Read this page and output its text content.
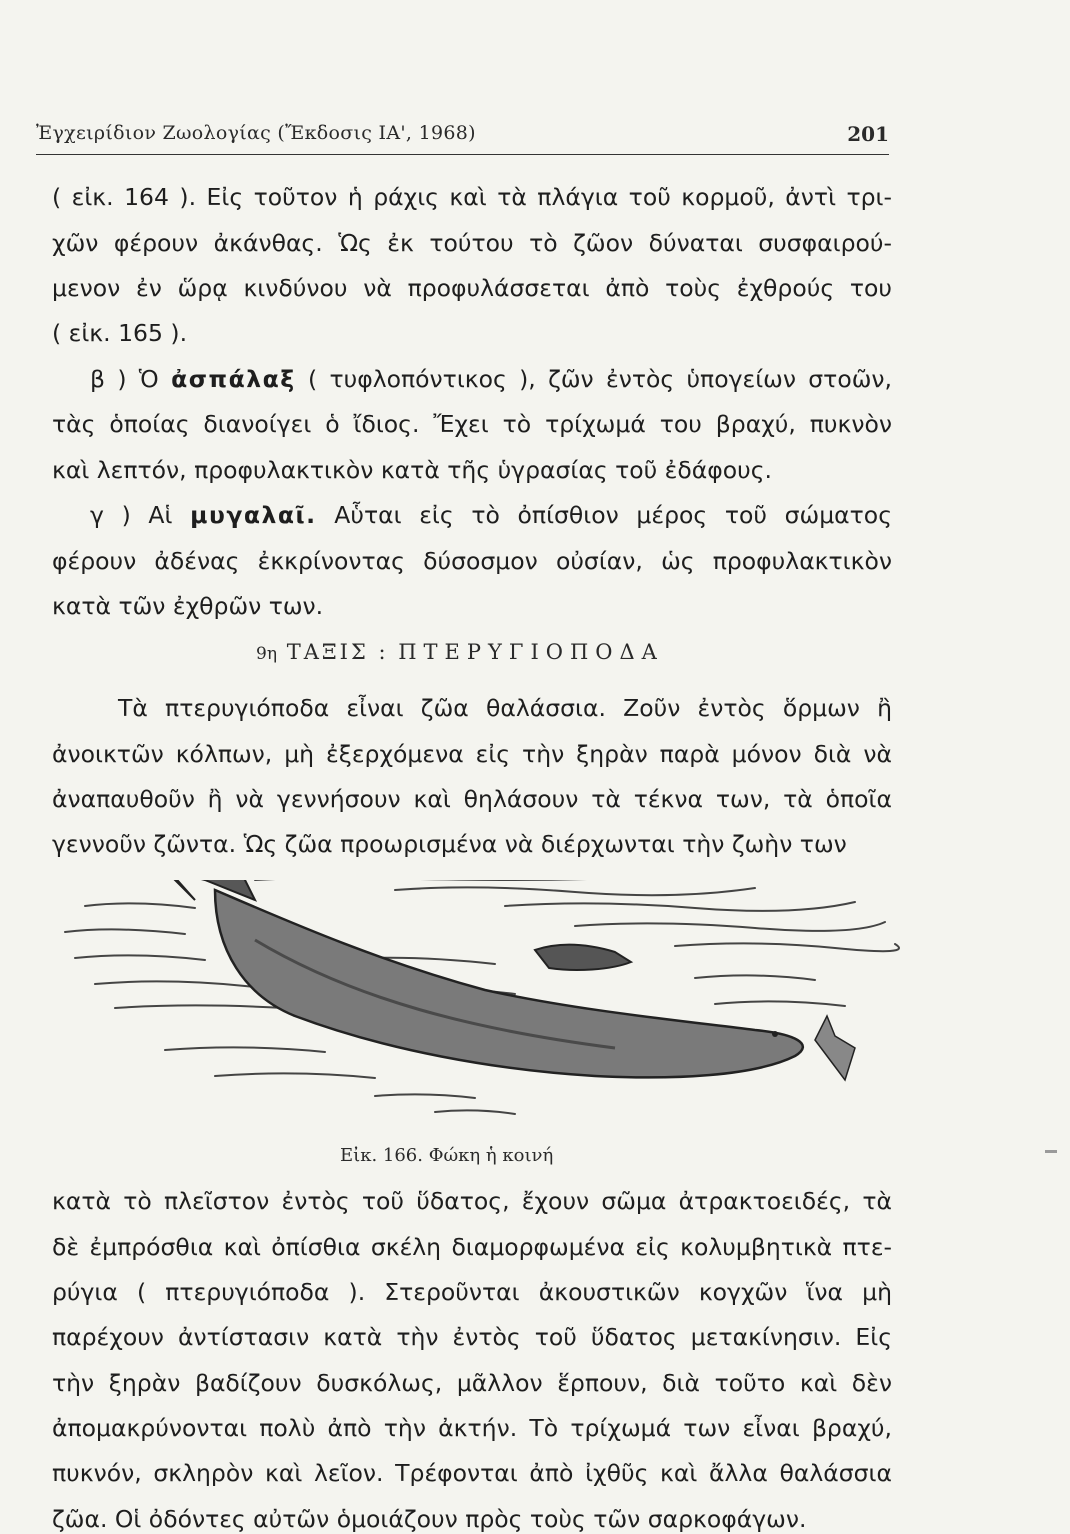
Ἐγχειρίδιον Ζωολογίας (Ἔκδοσις ΙΑ', 1968)	201

( εἰκ. 164 ). Εἰς τοῦτον ἡ ράχις καὶ τὰ πλάγια τοῦ κορμοῦ, ἀντὶ τρι-

χῶν φέρουν ἀκάνθας. Ὡς ἐκ τούτου τὸ ζῶον δύναται συσφαιρού-

μενον ἐν ὥρᾳ κινδύνου νὰ προφυλάσσεται ἀπὸ τοὺς ἐχθρούς του

( εἰκ. 165 ).

β ) Ὁ ἀσπάλαξ ( τυφλοπόντικος ), ζῶν ἐντὸς ὑπογείων στοῶν,

τὰς ὁποίας διανοίγει ὁ ἴδιος. Ἔχει τὸ τρίχωμά του βραχύ, πυκνὸν

καὶ λεπτόν, προφυλακτικὸν κατὰ τῆς ὑγρασίας τοῦ ἐδάφους.

γ ) Αἱ μυγαλαῖ. Αὗται εἰς τὸ ὀπίσθιον μέρος τοῦ σώματος

φέρουν ἀδένας ἐκκρίνοντας δύσοσμον οὐσίαν, ὡς προφυλακτικὸν

κατὰ τῶν ἐχθρῶν των.

9η ΤΑΞΙΣ : ΠΤΕΡΥΓΙΟΠΟΔΑ

Τὰ πτερυγιόποδα εἶναι ζῶα θαλάσσια. Ζοῦν ἐντὸς ὅρμων ἢ

ἀνοικτῶν κόλπων, μὴ ἐξερχόμενα εἰς τὴν ξηρὰν παρὰ μόνον διὰ νὰ

ἀναπαυθοῦν ἢ νὰ γεννήσουν καὶ θηλάσουν τὰ τέκνα των, τὰ ὁποῖα

γεννοῦν ζῶντα. Ὡς ζῶα προωρισμένα νὰ διέρχωνται τὴν ζωὴν των

Εἰκ. 166. Φώκη ἡ κοινή

κατὰ τὸ πλεῖστον ἐντὸς τοῦ ὕδατος, ἔχουν σῶμα ἀτρακτοειδές, τὰ

δὲ ἐμπρόσθια καὶ ὀπίσθια σκέλη διαμορφωμένα εἰς κολυμβητικὰ πτε-

ρύγια ( πτερυγιόποδα ). Στεροῦνται ἀκουστικῶν κογχῶν ἵνα μὴ

παρέχουν ἀντίστασιν κατὰ τὴν ἐντὸς τοῦ ὕδατος μετακίνησιν. Εἰς

τὴν ξηρὰν βαδίζουν δυσκόλως, μᾶλλον ἕρπουν, διὰ τοῦτο καὶ δὲν

ἀπομακρύνονται πολὺ ἀπὸ τὴν ἀκτήν. Τὸ τρίχωμά των εἶναι βραχύ,

πυκνόν, σκληρὸν καὶ λεῖον. Τρέφονται ἀπὸ ἰχθῦς καὶ ἄλλα θαλάσσια

ζῶα. Οἱ ὀδόντες αὐτῶν ὁμοιάζουν πρὸς τοὺς τῶν σαρκοφάγων.
